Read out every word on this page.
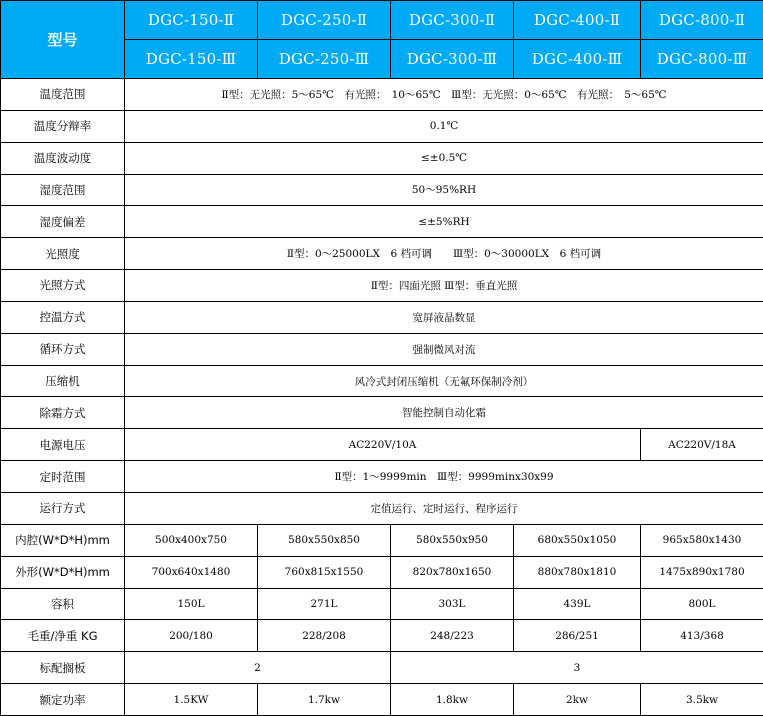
型号	DGC-150-Ⅱ	DGC-250-Ⅱ	DGC-300-Ⅱ	DGC-400-Ⅱ	DGC-800-Ⅱ
	DGC-150-Ⅲ	DGC-250-Ⅲ	DGC-300-Ⅲ	DGC-400-Ⅲ	DGC-800-Ⅲ
温度范围	Ⅱ型：无光照：5～65℃　有光照：　10～65℃　Ⅲ型：无光照：0～65℃　有光照：　5～65℃				
温度分辩率	0.1℃				
温度波动度	≤±0.5℃				
湿度范围	50～95%RH				
湿度偏差	≤±5%RH				
光照度	Ⅱ型：0～25000LX　6 档可调　　Ⅲ型：0～30000LX　6 档可调				
光照方式	Ⅱ型：四面光照 Ⅲ型：垂直光照				
控温方式	宽屏液晶数显				
循环方式	强制微风对流				
压缩机	风冷式封闭压缩机（无氟环保制冷剂）				
除霜方式	智能控制自动化霜				
电源电压	AC220V/10A				AC220V/18A
定时范围	Ⅱ型：1～9999min　Ⅲ型：9999minx30x99				
运行方式	定值运行、定时运行、程序运行				
内腔(W*D*H)mm	500x400x750	580x550x850	580x550x950	680x550x1050	965x580x1430
外形(W*D*H)mm	700x640x1480	760x815x1550	820x780x1650	880x780x1810	1475x890x1780
容积	150L	271L	303L	439L	800L
毛重/净重 KG	200/180	228/208	248/223	286/251	413/368
标配搁板	2		3		
额定功率	1.5KW	1.7kw	1.8kw	2kw	3.5kw
